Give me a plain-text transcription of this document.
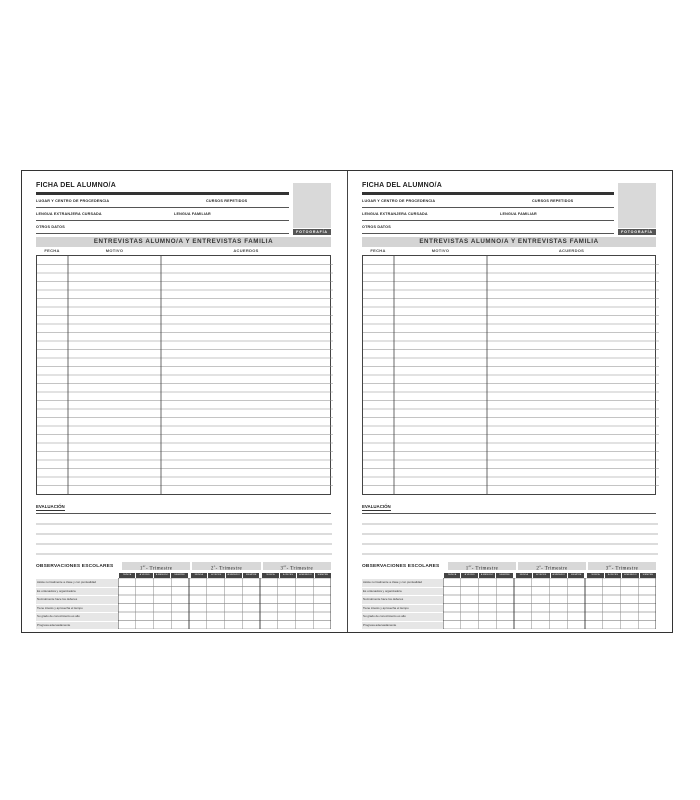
FICHA DEL ALUMNO/A
LUGAR Y CENTRO DE PROCEDENCIA	CURSOS REPETIDOS
LENGUA EXTRANJERA CURSADA	LENGUA FAMILIAR
OTROS DATOS
FOTOGRAFÍA
ENTREVISTAS ALUMNO/A Y ENTREVISTAS FAMILIA
FECHA	MOTIVO	ACUERDOS
EVALUACIÓN
OBSERVACIONES ESCOLARES
1er- Trimestre	2$^o$- Trimestre	3er- Trimestre
Asiste normalmente a clase y con puntualidad
Es ordenado/a y organizado/a
Normalmente hace los deberes
Tiene interés y aprovecha el tiempo
Su grado de conocimiento es alto
Progresa adecuadamente
NUNCA	A VECES	A MENUDO	SIEMPRE	NUNCA	A VECES	A MENUDO	SIEMPRE	NUNCA	A VECES	A MENUDO	SIEMPRE
FICHA DEL ALUMNO/A
LUGAR Y CENTRO DE PROCEDENCIA	CURSOS REPETIDOS
LENGUA EXTRANJERA CURSADA	LENGUA FAMILIAR
OTROS DATOS
FOTOGRAFÍA
ENTREVISTAS ALUMNO/A Y ENTREVISTAS FAMILIA
FECHA	MOTIVO	ACUERDOS
EVALUACIÓN
OBSERVACIONES ESCOLARES
1er- Trimestre	2$^o$- Trimestre	3er- Trimestre
Asiste normalmente a clase y con puntualidad
Es ordenado/a y organizado/a
Normalmente hace los deberes
Tiene interés y aprovecha el tiempo
Su grado de conocimiento es alto
Progresa adecuadamente
NUNCA	A VECES	A MENUDO	SIEMPRE	NUNCA	A VECES	A MENUDO	SIEMPRE	NUNCA	A VECES	A MENUDO	SIEMPRE
